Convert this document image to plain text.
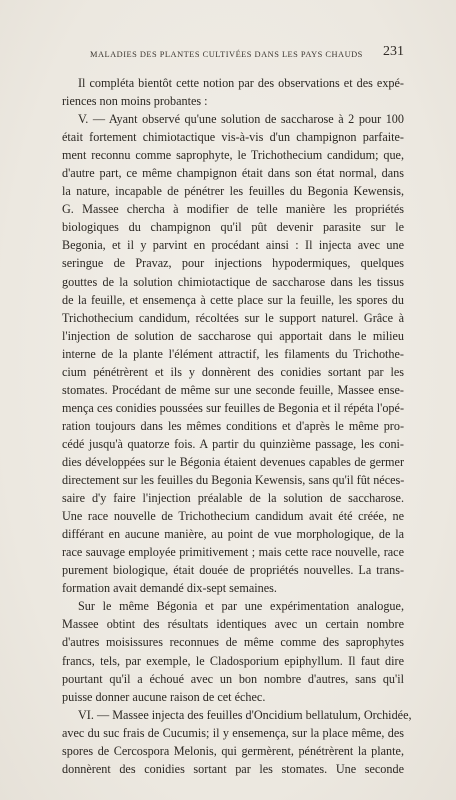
MALADIES DES PLANTES CULTIVÉES DANS LES PAYS CHAUDS 231
Il compléta bientôt cette notion par des observations et des expé-
riences non moins probantes :
V. — Ayant observé qu'une solution de saccharose à 2 pour 100
était fortement chimiotactique vis-à-vis d'un champignon parfaite-
ment reconnu comme saprophyte, le Trichothecium candidum; que,
d'autre part, ce même champignon était dans son état normal, dans
la nature, incapable de pénétrer les feuilles du Begonia Kewensis,
G. Massee chercha à modifier de telle manière les propriétés
biologiques du champignon qu'il pût devenir parasite sur le
Begonia, et il y parvint en procédant ainsi : Il injecta avec une
seringue de Pravaz, pour injections hypodermiques, quelques
gouttes de la solution chimiotactique de saccharose dans les tissus
de la feuille, et ensemença à cette place sur la feuille, les spores du
Trichothecium candidum, récoltées sur le support naturel. Grâce à
l'injection de solution de saccharose qui apportait dans le milieu
interne de la plante l'élément attractif, les filaments du Trichothe-
cium pénétrèrent et ils y donnèrent des conidies sortant par les
stomates. Procédant de même sur une seconde feuille, Massee ense-
mença ces conidies poussées sur feuilles de Begonia et il répéta l'opé-
ration toujours dans les mêmes conditions et d'après le même pro-
cédé jusqu'à quatorze fois. A partir du quinzième passage, les coni-
dies développées sur le Bégonia étaient devenues capables de germer
directement sur les feuilles du Begonia Kewensis, sans qu'il fût néces-
saire d'y faire l'injection préalable de la solution de saccharose.
Une race nouvelle de Trichothecium candidum avait été créée, ne
différant en aucune manière, au point de vue morphologique, de la
race sauvage employée primitivement ; mais cette race nouvelle, race
purement biologique, était douée de propriétés nouvelles. La trans-
formation avait demandé dix-sept semaines.
Sur le même Bégonia et par une expérimentation analogue,
Massee obtint des résultats identiques avec un certain nombre
d'autres moisissures reconnues de même comme des saprophytes
francs, tels, par exemple, le Cladosporium epiphyllum. Il faut dire
pourtant qu'il a échoué avec un bon nombre d'autres, sans qu'il
puisse donner aucune raison de cet échec.
VI. — Massee injecta des feuilles d'Oncidium bellatulum, Orchidée,
avec du suc frais de Cucumis; il y ensemença, sur la place même, des
spores de Cercospora Melonis, qui germèrent, pénétrèrent la plante,
donnèrent des conidies sortant par les stomates. Une seconde
